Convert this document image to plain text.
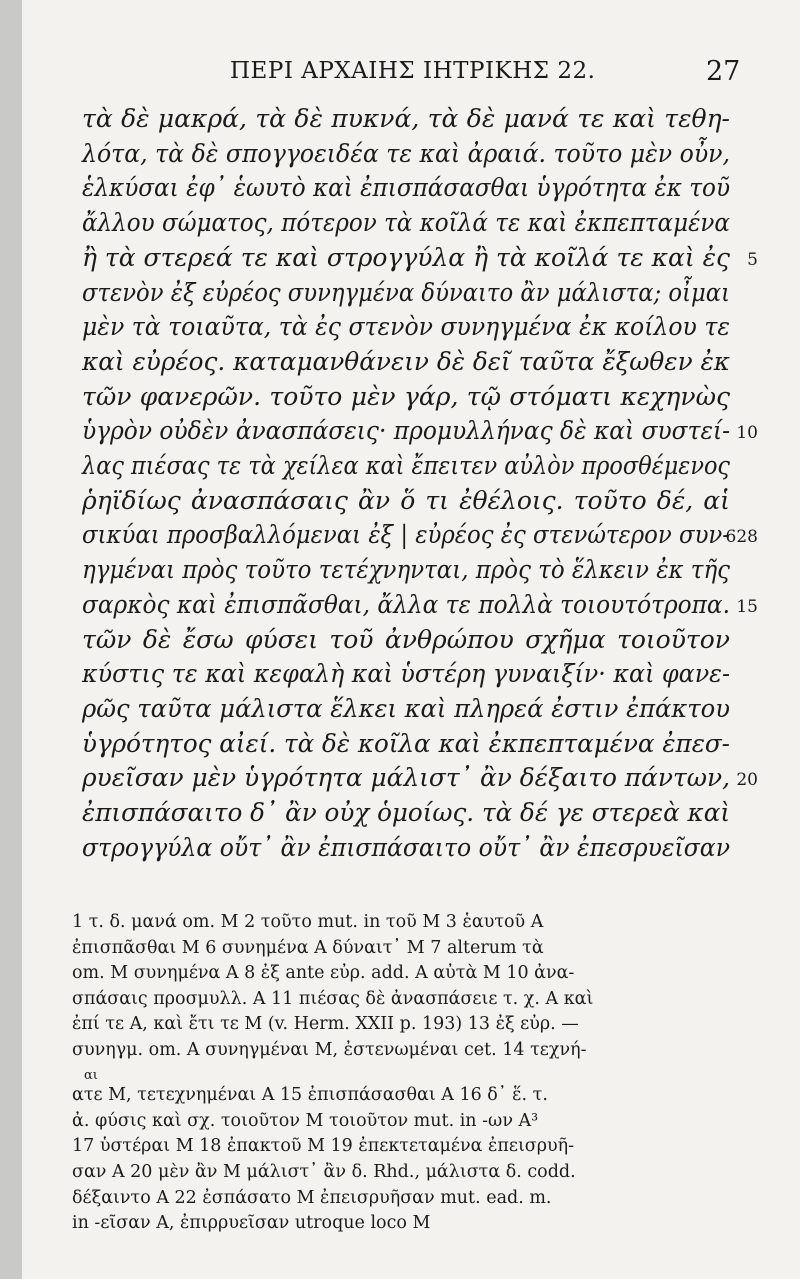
ΠΕΡΙ ΑΡΧΑΙΗΣ ΙΗΤΡΙΚΗΣ 22.	27
τὰ δὲ μακρά, τὰ δὲ πυκνά, τὰ δὲ μανά τε καὶ τεθη-
λότα, τὰ δὲ σπογγοειδέα τε καὶ ἀραιά. τοῦτο μὲν οὖν,
ἑλκύσαι ἐφ᾽ ἑωυτὸ καὶ ἐπισπάσασθαι ὑγρότητα ἐκ τοῦ
ἄλλου σώματος, πότερον τὰ κοῖλά τε καὶ ἐκπεπταμένα
ἢ τὰ στερεά τε καὶ στρογγύλα ἢ τὰ κοῖλά τε καὶ ἐς 5
στενὸν ἐξ εὐρέος συνηγμένα δύναιτο ἂν μάλιστα; οἶμαι
μὲν τὰ τοιαῦτα, τὰ ἐς στενὸν συνηγμένα ἐκ κοίλου τε
καὶ εὐρέος. καταμανθάνειν δὲ δεῖ ταῦτα ἔξωθεν ἐκ
τῶν φανερῶν. τοῦτο μὲν γάρ, τῷ στόματι κεχηνὼς
ὑγρὸν οὐδὲν ἀνασπάσεις· προμυλλήνας δὲ καὶ συστεί- 10
λας πιέσας τε τὰ χείλεα καὶ ἔπειτεν αὐλὸν προσθέμενος
ῥηϊδίως ἀνασπάσαις ἂν ὅ τι ἐθέλοις. τοῦτο δέ, αἱ
σικύαι προσβαλλόμεναι ἐξ | εὐρέος ἐς στενώτερον συν-
628
ηγμέναι πρὸς τοῦτο τετέχνηνται, πρὸς τὸ ἕλκειν ἐκ τῆς
σαρκὸς καὶ ἐπισπᾶσθαι, ἄλλα τε πολλὰ τοιουτότροπα. 15
τῶν δὲ ἔσω φύσει τοῦ ἀνθρώπου σχῆμα τοιοῦτον
κύστις τε καὶ κεφαλὴ καὶ ὑστέρη γυναιξίν· καὶ φανε-
ρῶς ταῦτα μάλιστα ἕλκει καὶ πληρεά ἐστιν ἐπάκτου
ὑγρότητος αἰεί. τὰ δὲ κοῖλα καὶ ἐκπεπταμένα ἐπεσ-
ρυεῖσαν μὲν ὑγρότητα μάλιστ᾽ ἂν δέξαιτο πάντων, 20
ἐπισπάσαιτο δ᾽ ἂν οὐχ ὁμοίως. τὰ δέ γε στερεὰ καὶ
στρογγύλα οὔτ᾽ ἂν ἐπισπάσαιτο οὔτ᾽ ἂν ἐπεσρυεῖσαν
1 τ. δ. μανά om. M 2 τοῦτο mut. in τοῦ M 3 ἑαυτοῦ A
ἐπισπᾶσθαι M 6 συνημένα A δύναιτ᾽ M 7 alterum τὰ
om. M συνημένα A 8 ἐξ ante εὐρ. add. A αὐτὰ M 10 ἀνα-
σπάσαις προσμυλλ. A 11 πιέσας δὲ ἀνασπάσειε τ. χ. A καὶ
ἐπί τε A, καὶ ἔτι τε M (v. Herm. XXII p. 193) 13 ἐξ εὐρ. —
συνηγμ. om. A συνηγμέναι M, ἐστενωμέναι cet. 14 τεχνή-
αι
ατε M, τετεχνημέναι A 15 ἐπισπάσασθαι A 16 δ᾽ ἕ. τ.
ἀ. φύσις καὶ σχ. τοιοῦτον M τοιοῦτον mut. in -ων A³
17 ὑστέραι M 18 ἐπακτοῦ M 19 ἐπεκτεταμένα ἐπεισρυῆ-
σαν A 20 μὲν ἂν M μάλιστ᾽ ἂν δ. Rhd., μάλιστα δ. codd.
δέξαιντο A 22 ἐσπάσατο M ἐπεισρυῆσαν mut. ead. m.
in -εῖσαν A, ἐπιρρυεῖσαν utroque loco M
